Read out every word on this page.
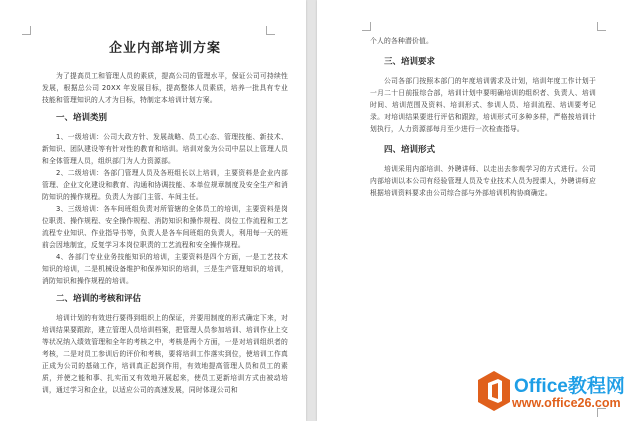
企业内部培训方案

为了提高员工和管理人员的素质，提高公司的管理水平，保证公司可持续性发展，根据总公司 20XX 年发展目标，提高整体人员素质，培养一批具有专业技能和管理知识的人才为目标，特制定本培训计划方案。

一、培训类别

1、一级培训：公司大政方针、发展战略、员工心态、管理技能、新技术、新知识、团队建设等有针对性的教育和培训。培训对象为公司中层以上管理人员和全体管理人员，组织部门为人力资源部。

2、二级培训：各部门管理人员及各班组长以上培训，主要资料是企业内部管理、企业文化建设和教育、沟通和协调技能、本单位规章制度及安全生产和消防知识的操作规程。负责人为部门主管、车间主任。

3、三级培训：各车间班组负责对所管辖的全体员工的培训，主要资料是岗位职责、操作规程、安全操作规程、消防知识和操作规程、岗位工作流程和工艺流程专业知识、作业指导书等，负责人是各车间班组的负责人，利用每一天的班前会因地制宜，反复学习本岗位职责的工艺流程和安全操作规程。

4、各部门专业业务技能知识的培训，主要资料是四个方面，一是工艺技术知识的培训，二是机械设备维护和保养知识的培训，三是生产管理知识的培训，消防知识和操作规程的培训。

二、培训的考核和评估

培训计划的有效进行要得到组织上的保证，并要用制度的形式确定下来，对培训结果要跟踪，建立管理人员培训档案，把管理人员参加培训、培训作业上交等状况纳入绩效管理和全年的考核之中，考核是两个方面，一是对培训组织者的考核，二是对员工参训后的评价和考核，要将培训工作落实到位，使培训工作真正成为公司的基础工作，培训真正起到作用，有效地提高管理人员和员工的素质，并使之能和事、扎实而又有效地开展起来，使员工更新培训方式由被动培训，通过学习和企业，以适应公司的高速发展，同时体现公司和

个人的各种潜价值。

三、培训要求

公司各部门按照本部门的年度培训需求及计划，培训年度工作计划于一月二十日前报综合部，培训计划中要明确培训的组织者、负责人、培训时间、培训范围及资料、培训形式、参训人员、培训流程、培训要考记录。对培训结果要进行评估和跟踪，培训形式可多种多样，严格按培训计划执行，人力资源部每月至少进行一次检查指导。

四、培训形式

培训采用内部培训、外聘讲师、以走出去参观学习的方式进行。公司内部培训以本公司有经验管理人员及专业技术人员为授课人，外聘讲师应根据培训资料要求由公司综合部与外部培训机构协商确定。

Office教程网
www.office26.com
